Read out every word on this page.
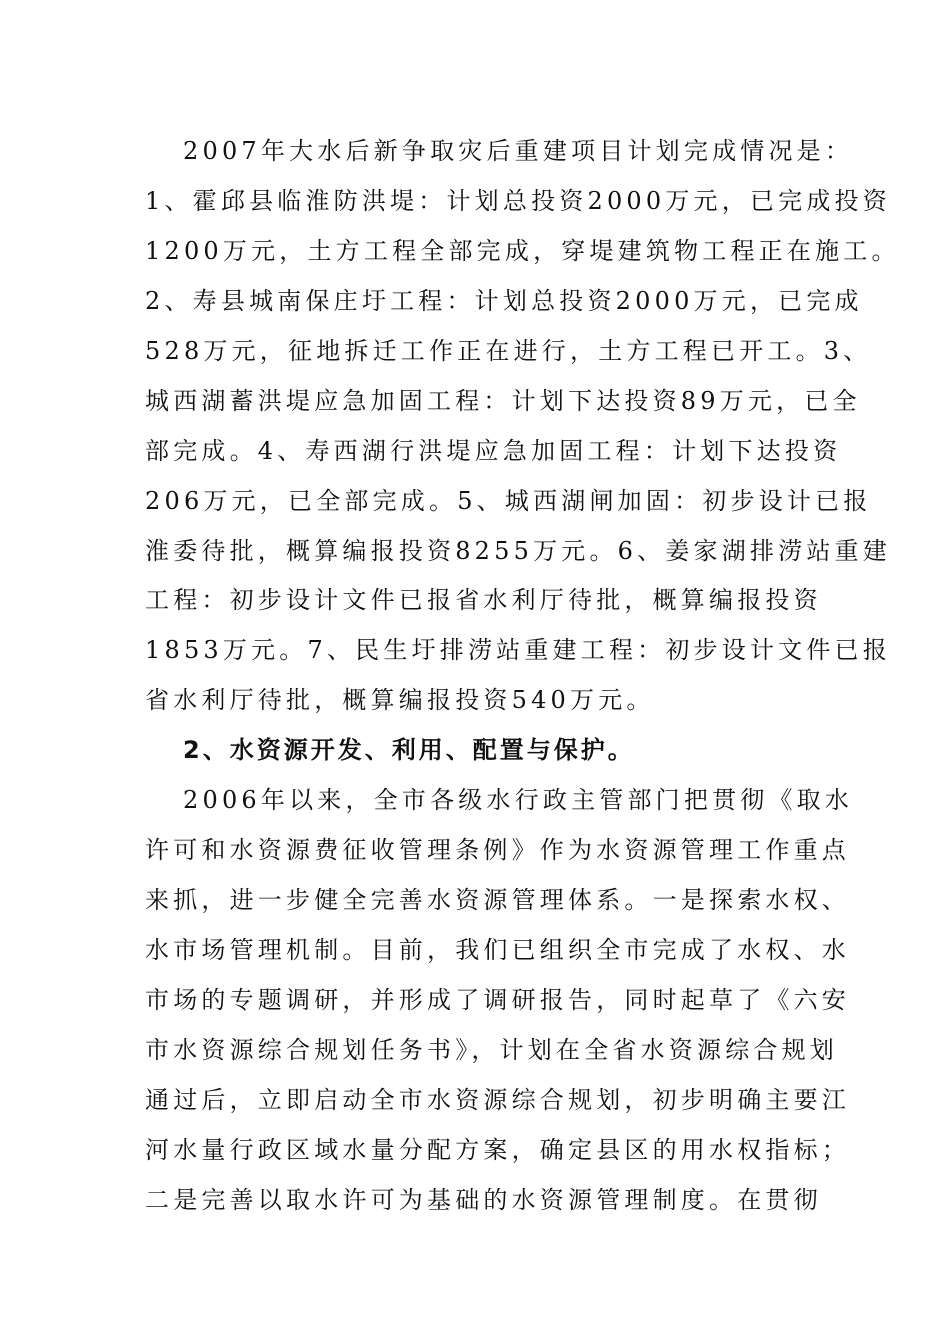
2007年大水后新争取灾后重建项目计划完成情况是：
1、霍邱县临淮防洪堤：计划总投资2000万元，已完成投资
1200万元，土方工程全部完成，穿堤建筑物工程正在施工。
2、寿县城南保庄圩工程：计划总投资2000万元，已完成
528万元，征地拆迁工作正在进行，土方工程已开工。3、
城西湖蓄洪堤应急加固工程：计划下达投资89万元，已全
部完成。4、寿西湖行洪堤应急加固工程：计划下达投资
206万元，已全部完成。5、城西湖闸加固：初步设计已报
淮委待批，概算编报投资8255万元。6、姜家湖排涝站重建
工程：初步设计文件已报省水利厅待批，概算编报投资
1853万元。7、民生圩排涝站重建工程：初步设计文件已报
省水利厅待批，概算编报投资540万元。
2、水资源开发、利用、配置与保护。
2006年以来，全市各级水行政主管部门把贯彻《取水
许可和水资源费征收管理条例》作为水资源管理工作重点
来抓，进一步健全完善水资源管理体系。一是探索水权、
水市场管理机制。目前，我们已组织全市完成了水权、水
市场的专题调研，并形成了调研报告，同时起草了《六安
市水资源综合规划任务书》，计划在全省水资源综合规划
通过后，立即启动全市水资源综合规划，初步明确主要江
河水量行政区域水量分配方案，确定县区的用水权指标；
二是完善以取水许可为基础的水资源管理制度。在贯彻
